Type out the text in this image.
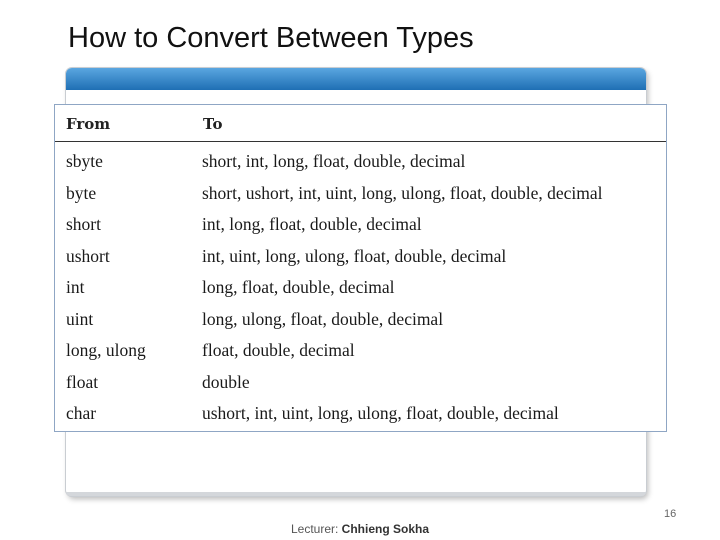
How to Convert Between Types
From	To
sbyte	short, int, long, float, double, decimal
byte	short, ushort, int, uint, long, ulong, float, double, decimal
short	int, long, float, double, decimal
ushort	int, uint, long, ulong, float, double, decimal
int	long, float, double, decimal
uint	long, ulong, float, double, decimal
long, ulong	float, double, decimal
float	double
char	ushort, int, uint, long, ulong, float, double, decimal
16
Lecturer: Chhieng Sokha
